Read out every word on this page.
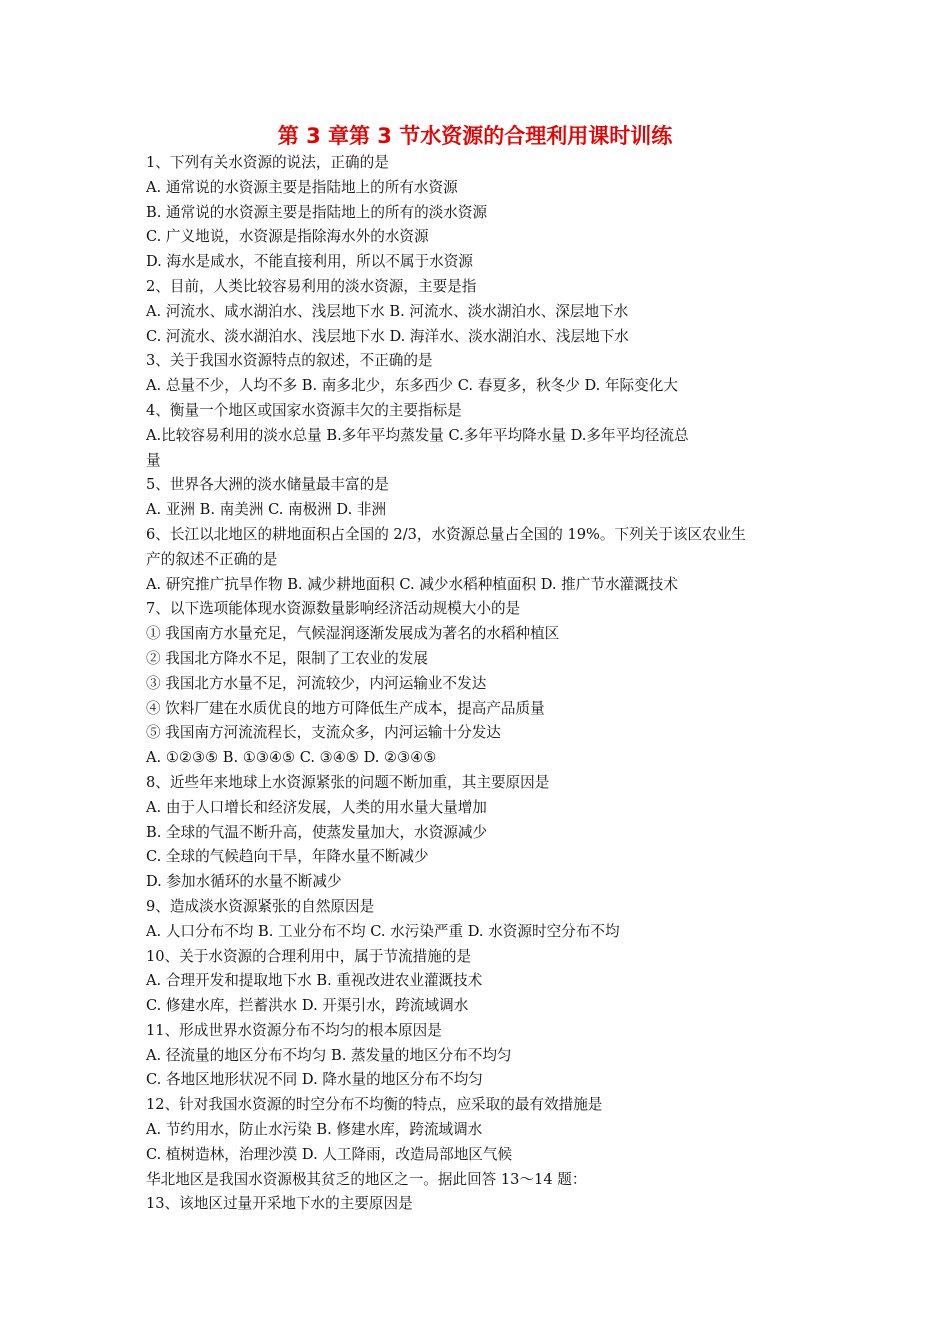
第 3 章第 3 节水资源的合理利用课时训练

1、下列有关水资源的说法，正确的是

A. 通常说的水资源主要是指陆地上的所有水资源

B. 通常说的水资源主要是指陆地上的所有的淡水资源

C. 广义地说，水资源是指除海水外的水资源

D. 海水是咸水，不能直接利用，所以不属于水资源

2、目前，人类比较容易利用的淡水资源，主要是指

A. 河流水、咸水湖泊水、浅层地下水 B. 河流水、淡水湖泊水、深层地下水

C. 河流水、淡水湖泊水、浅层地下水 D. 海洋水、淡水湖泊水、浅层地下水

3、关于我国水资源特点的叙述，不正确的是

A. 总量不少，人均不多 B. 南多北少，东多西少 C. 春夏多，秋冬少 D. 年际变化大

4、衡量一个地区或国家水资源丰欠的主要指标是

A.比较容易利用的淡水总量 B.多年平均蒸发量 C.多年平均降水量 D.多年平均径流总

量

5、世界各大洲的淡水储量最丰富的是

A. 亚洲 B. 南美洲 C. 南极洲 D. 非洲

6、长江以北地区的耕地面积占全国的 2/3，水资源总量占全国的 19%。下列关于该区农业生

产的叙述不正确的是

A. 研究推广抗旱作物 B. 减少耕地面积 C. 减少水稻种植面积 D. 推广节水灌溉技术

7、以下选项能体现水资源数量影响经济活动规模大小的是

① 我国南方水量充足，气候湿润逐渐发展成为著名的水稻种植区

② 我国北方降水不足，限制了工农业的发展

③ 我国北方水量不足，河流较少，内河运输业不发达

④ 饮料厂建在水质优良的地方可降低生产成本，提高产品质量

⑤ 我国南方河流流程长，支流众多，内河运输十分发达

A. ①②③⑤ B. ①③④⑤ C. ③④⑤ D. ②③④⑤

8、近些年来地球上水资源紧张的问题不断加重，其主要原因是

A. 由于人口增长和经济发展，人类的用水量大量增加

B. 全球的气温不断升高，使蒸发量加大，水资源减少

C. 全球的气候趋向干旱，年降水量不断减少

D. 参加水循环的水量不断减少

9、造成淡水资源紧张的自然原因是

A. 人口分布不均 B. 工业分布不均 C. 水污染严重 D. 水资源时空分布不均

10、关于水资源的合理利用中，属于节流措施的是

A. 合理开发和提取地下水 B. 重视改进农业灌溉技术

C. 修建水库，拦蓄洪水 D. 开渠引水，跨流域调水

11、形成世界水资源分布不均匀的根本原因是

A. 径流量的地区分布不均匀 B. 蒸发量的地区分布不均匀

C. 各地区地形状况不同 D. 降水量的地区分布不均匀

12、针对我国水资源的时空分布不均衡的特点，应采取的最有效措施是

A. 节约用水，防止水污染 B. 修建水库，跨流域调水

C. 植树造林，治理沙漠 D. 人工降雨，改造局部地区气候

华北地区是我国水资源极其贫乏的地区之一。据此回答 13～14 题：

13、该地区过量开采地下水的主要原因是
